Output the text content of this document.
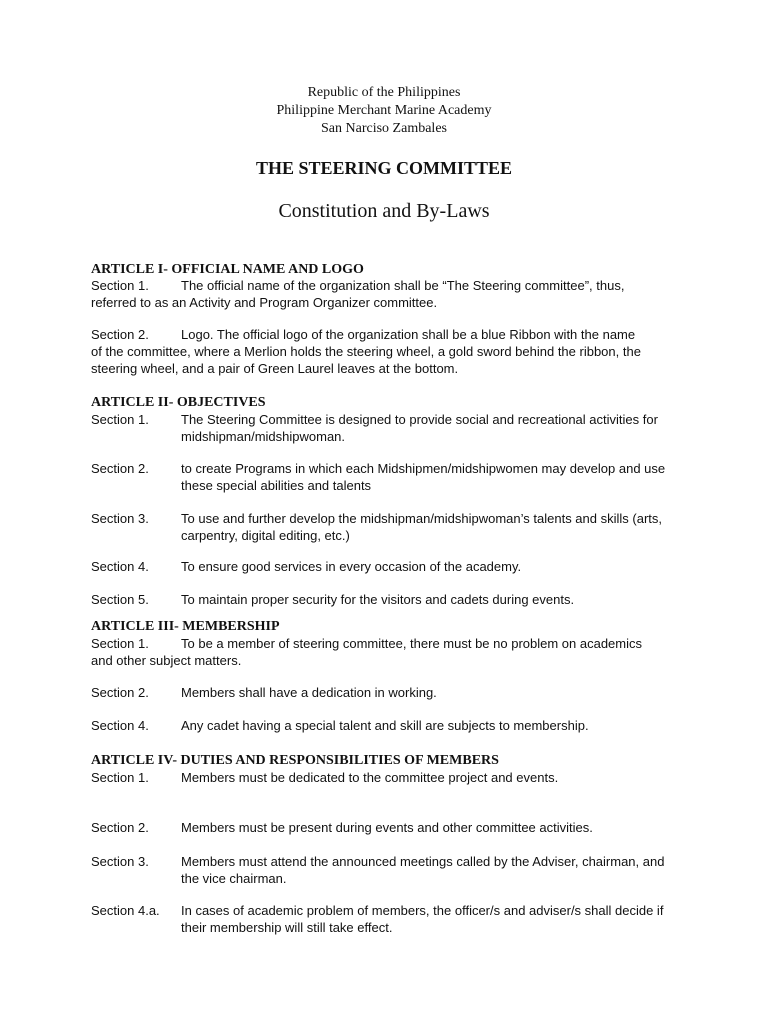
Republic of the Philippines
Philippine Merchant Marine Academy
San Narciso Zambales
THE STEERING COMMITTEE
Constitution and By-Laws
ARTICLE I- OFFICIAL NAME AND LOGO
Section 1. The official name of the organization shall be “The Steering committee”, thus,
referred to as an Activity and Program Organizer committee.
Section 2. Logo. The official logo of the organization shall be a blue Ribbon with the name
of the committee, where a Merlion holds the steering wheel, a gold sword behind the ribbon, the
steering wheel, and a pair of Green Laurel leaves at the bottom.
ARTICLE II- OBJECTIVES
Section 1.	The Steering Committee is designed to provide social and recreational activities for midshipman/midshipwoman.
Section 2.	to create Programs in which each Midshipmen/midshipwomen may develop and use these special abilities and talents
Section 3.	To use and further develop the midshipman/midshipwoman’s talents and skills (arts, carpentry, digital editing, etc.)
Section 4.	To ensure good services in every occasion of the academy.
Section 5.	To maintain proper security for the visitors and cadets during events.
ARTICLE III- MEMBERSHIP
Section 1. To be a member of steering committee, there must be no problem on academics
and other subject matters.
Section 2.	Members shall have a dedication in working.
Section 4.	Any cadet having a special talent and skill are subjects to membership.
ARTICLE IV- DUTIES AND RESPONSIBILITIES OF MEMBERS
Section 1.	Members must be dedicated to the committee project and events.
Section 2.	Members must be present during events and other committee activities.
Section 3.	Members must attend the announced meetings called by the Adviser, chairman, and the vice chairman.
Section 4.a.	In cases of academic problem of members, the officer/s and adviser/s shall decide if their membership will still take effect.
